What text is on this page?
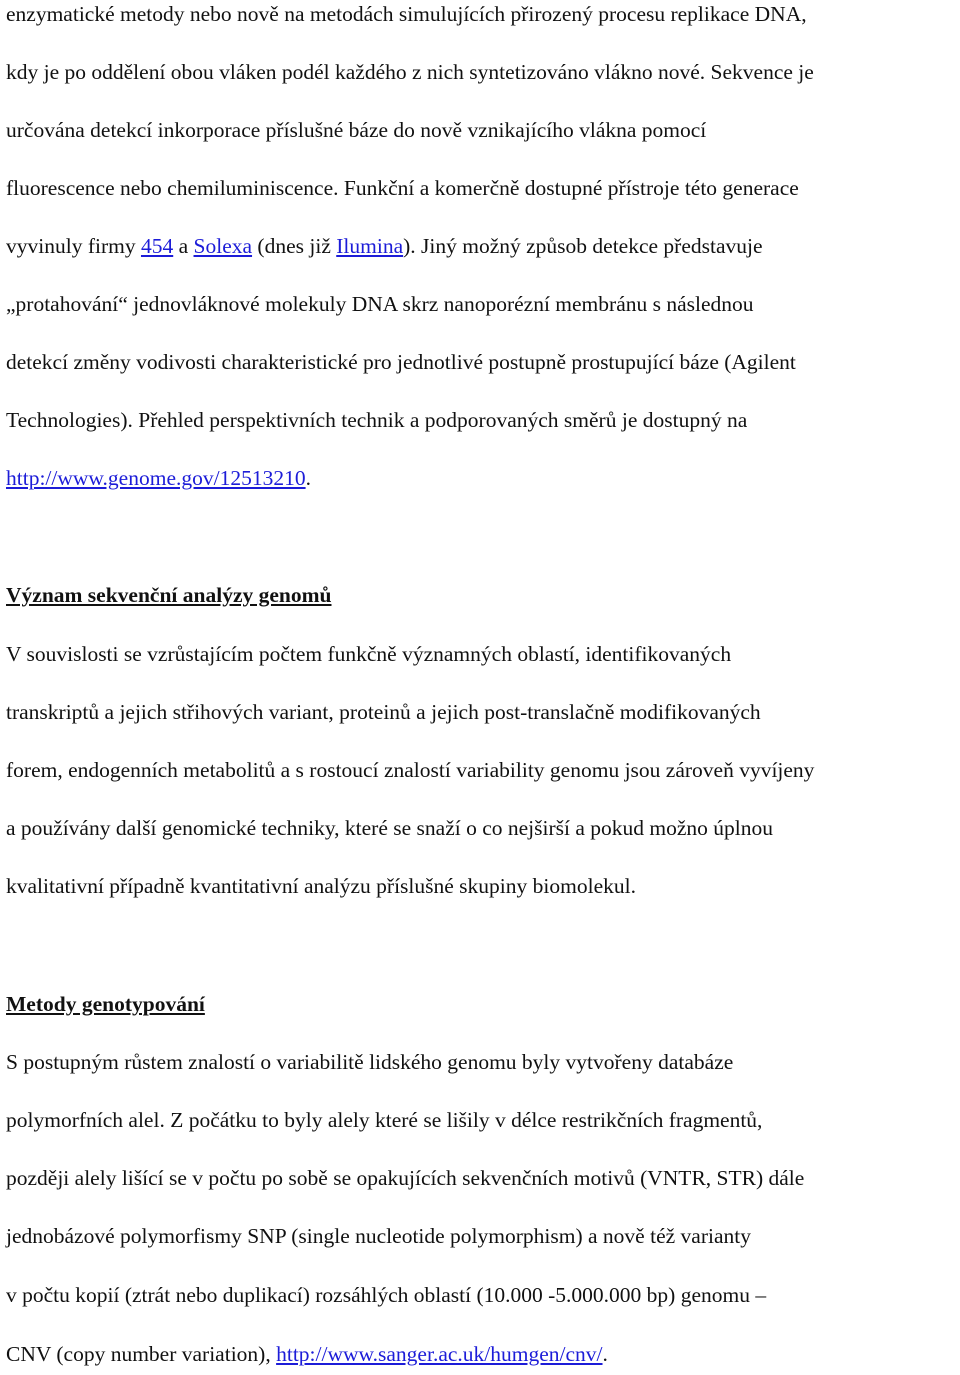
enzymatické metody nebo nově na metodách simulujících přirozený procesu replikace DNA,
kdy je po oddělení obou vláken podél každého z nich syntetizováno vlákno nové. Sekvence je
určována detekcí inkorporace příslušné báze do nově vznikajícího vlákna pomocí
fluorescence nebo chemiluminiscence. Funkční a komerčně dostupné přístroje této generace
vyvinuly firmy 454 a Solexa (dnes již Ilumina). Jiný možný způsob detekce představuje
„protahování“ jednovláknové molekuly DNA skrz nanoporézní membránu s následnou
detekcí změny vodivosti charakteristické pro jednotlivé postupně prostupující báze (Agilent
Technologies). Přehled perspektivních technik a podporovaných směrů je dostupný na
http://www.genome.gov/12513210.
Význam sekvenční analýzy genomů
V souvislosti se vzrůstajícím počtem funkčně významných oblastí, identifikovaných
transkriptů a jejich střihových variant, proteinů a jejich post-translačně modifikovaných
forem, endogenních metabolitů a s rostoucí znalostí variability genomu jsou zároveň vyvíjeny
a používány další genomické techniky, které se snaží o co nejširší a pokud možno úplnou
kvalitativní případně kvantitativní analýzu příslušné skupiny biomolekul.
Metody genotypování
S postupným růstem znalostí o variabilitě lidského genomu byly vytvořeny databáze
polymorfních alel. Z počátku to byly alely které se lišily v délce restrikčních fragmentů,
později alely lišící se v počtu po sobě se opakujících sekvenčních motivů (VNTR, STR) dále
jednobázové polymorfismy SNP (single nucleotide polymorphism) a nově též varianty
v počtu kopií (ztrát nebo duplikací) rozsáhlých oblastí (10.000 -5.000.000 bp) genomu –
CNV (copy number variation), http://www.sanger.ac.uk/humgen/cnv/.
